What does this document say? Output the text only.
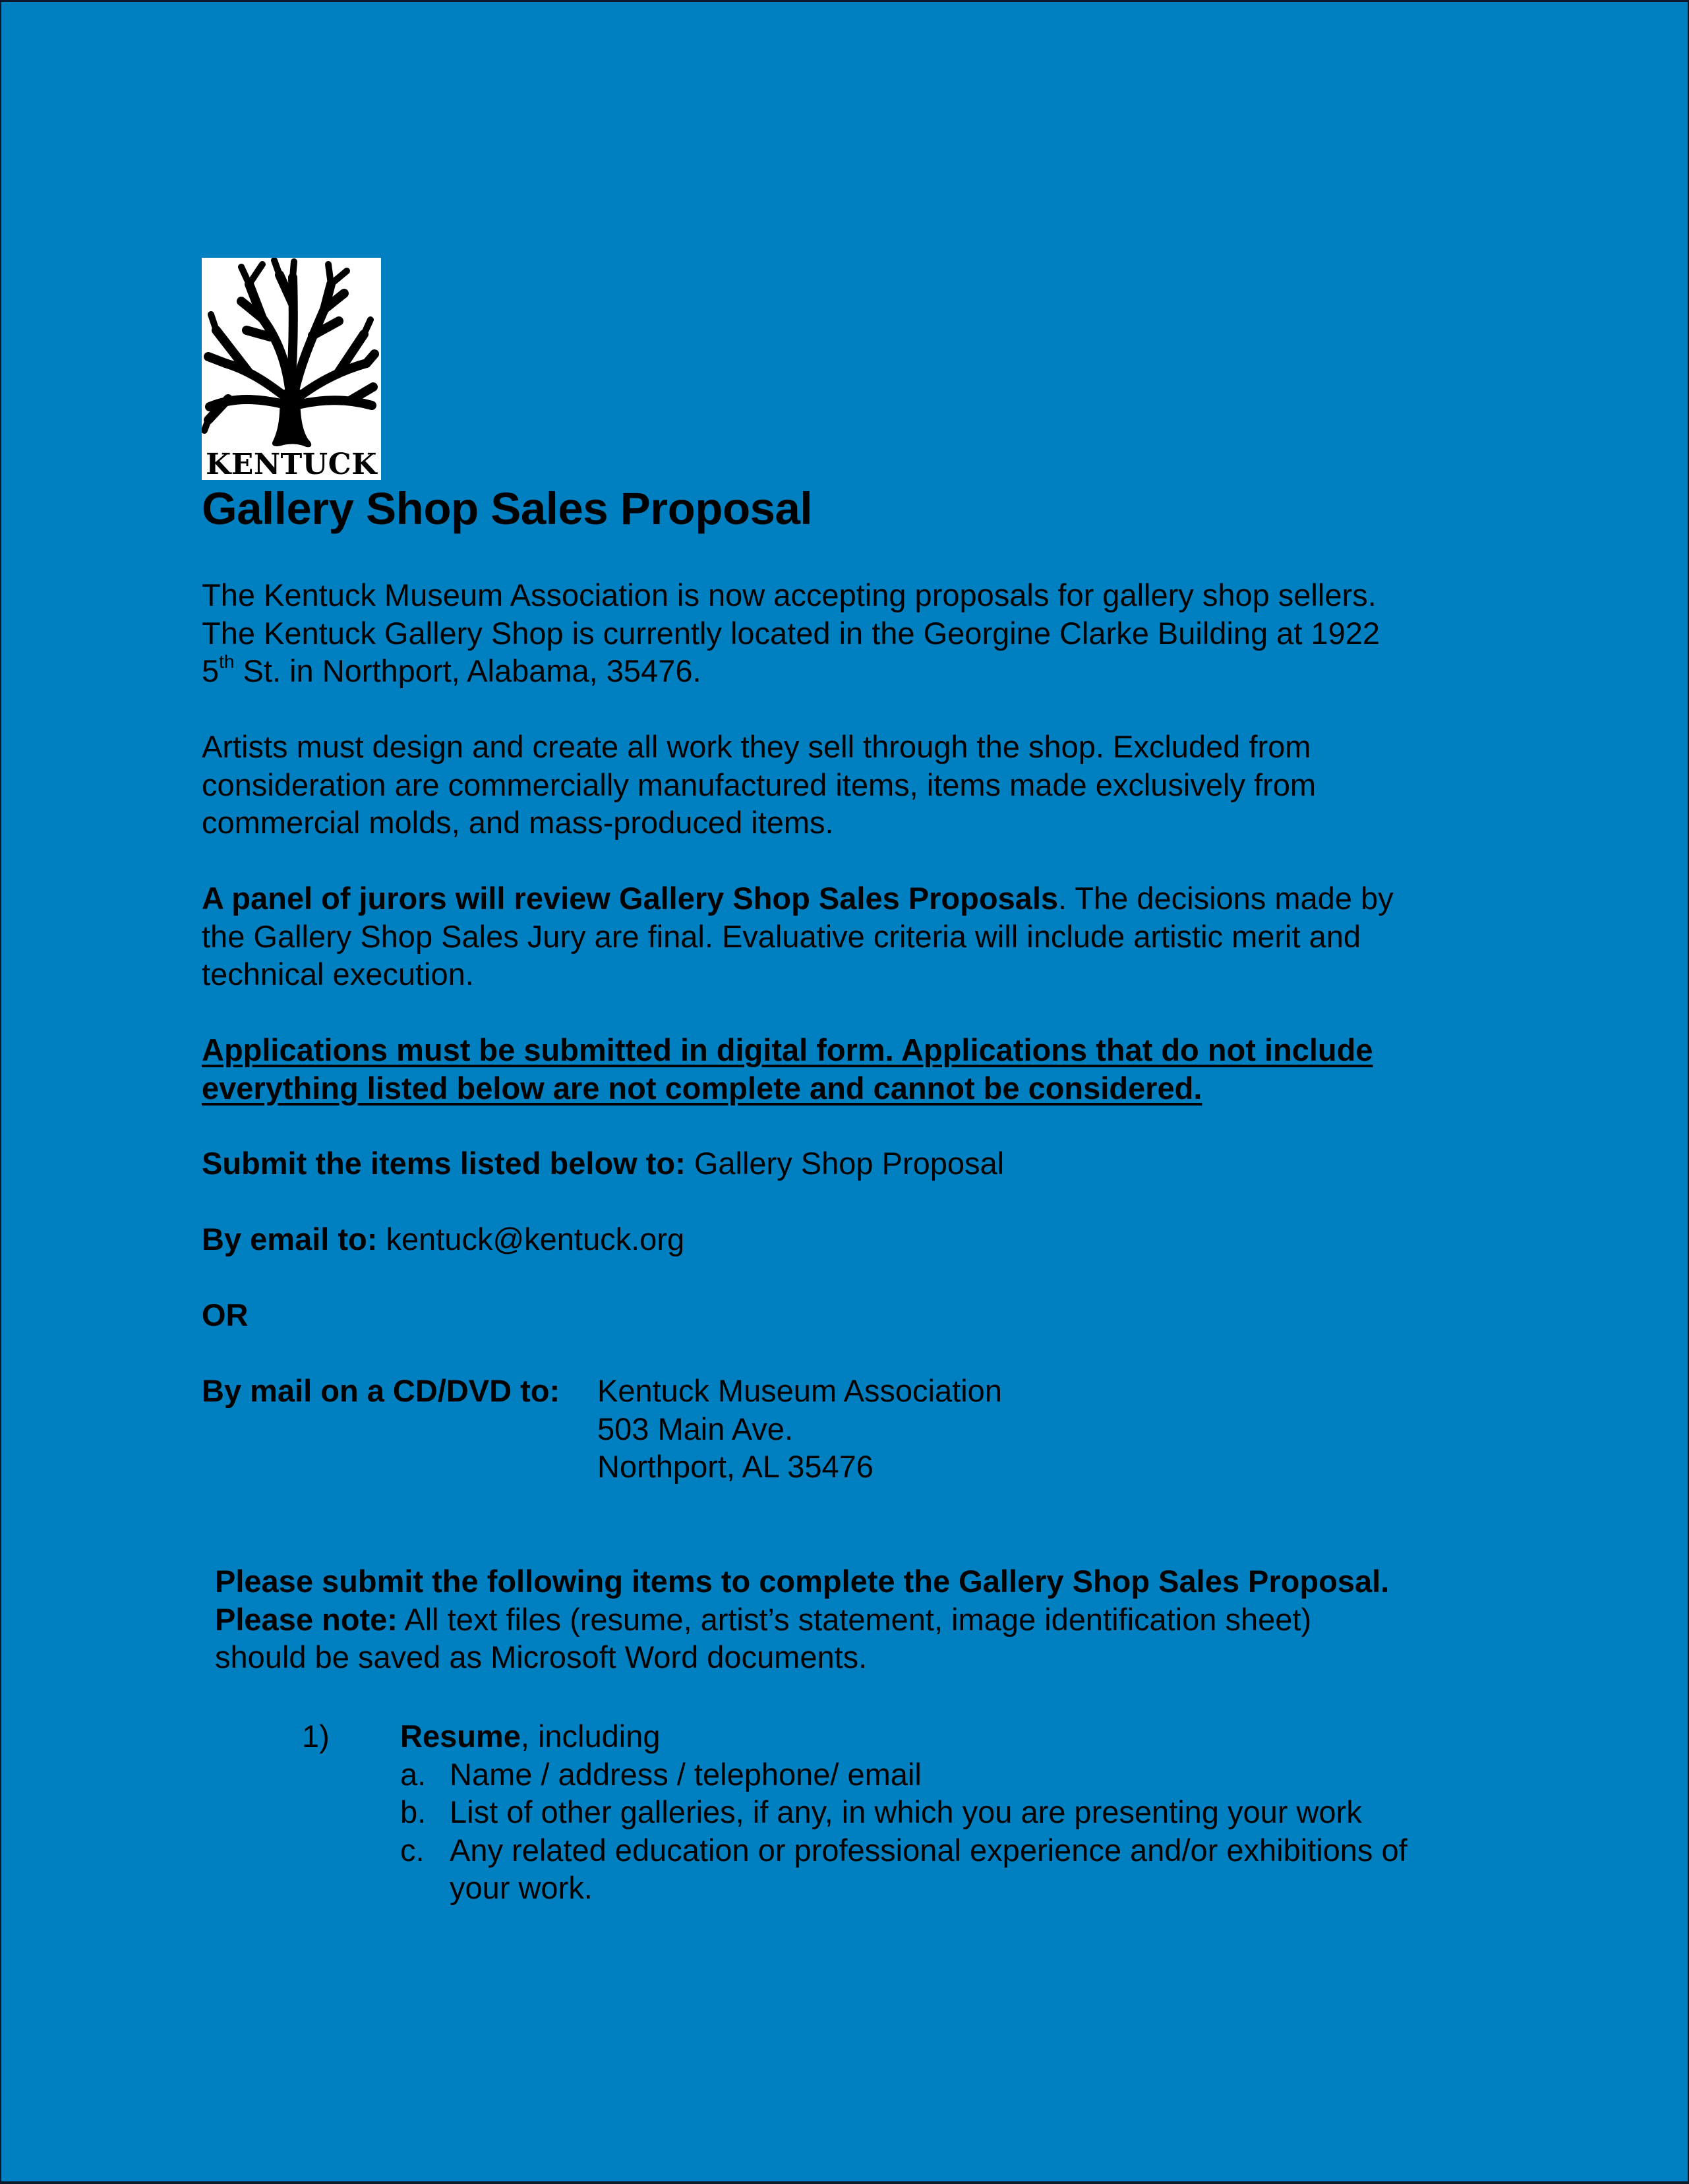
KENTUCK
Gallery Shop Sales Proposal

The Kentuck Museum Association is now accepting proposals for gallery shop sellers.

The Kentuck Gallery Shop is currently located in the Georgine Clarke Building at 1922

5th St. in Northport, Alabama, 35476.

Artists must design and create all work they sell through the shop. Excluded from

consideration are commercially manufactured items, items made exclusively from

commercial molds, and mass-produced items.

A panel of jurors will review Gallery Shop Sales Proposals. The decisions made by

the Gallery Shop Sales Jury are final. Evaluative criteria will include artistic merit and

technical execution.

Applications must be submitted in digital form. Applications that do not include

everything listed below are not complete and cannot be considered.

Submit the items listed below to: Gallery Shop Proposal

By email to: kentuck@kentuck.org

OR

By mail on a CD/DVD to: Kentuck Museum Association

503 Main Ave.

Northport, AL 35476

Please submit the following items to complete the Gallery Shop Sales Proposal.

Please note: All text files (resume, artist’s statement, image identification sheet)

should be saved as Microsoft Word documents.

1) Resume, including
a. Name / address / telephone/ email
b. List of other galleries, if any, in which you are presenting your work
c. Any related education or professional experience and/or exhibitions of
your work.
